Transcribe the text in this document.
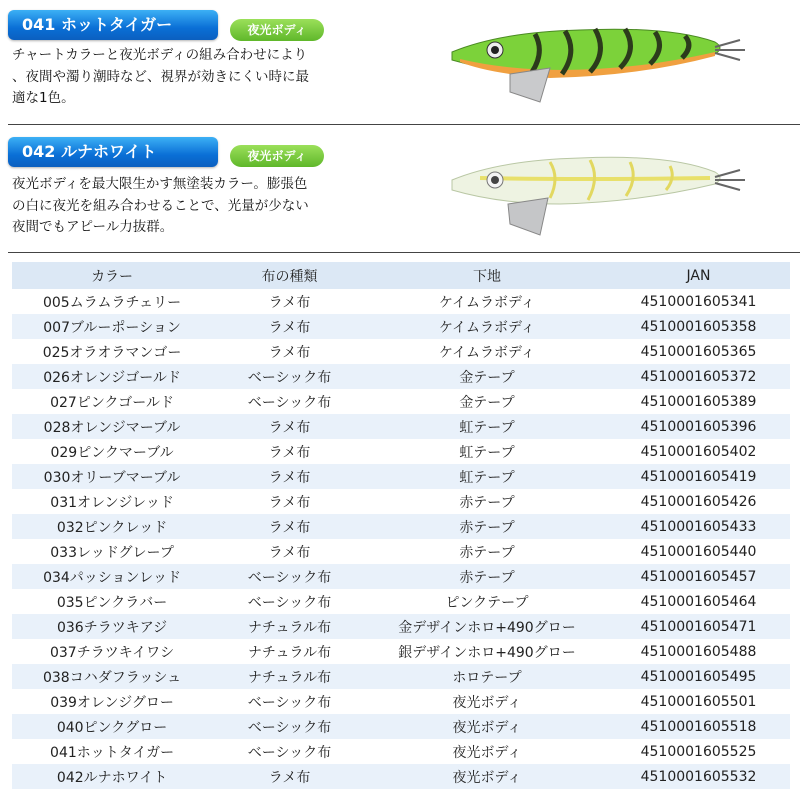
041 ホットタイガー	夜光ボディ
チャートカラーと夜光ボディの組み合わせにより
、夜間や濁り潮時など、視界が効きにくい時に最
適な1色。
042 ルナホワイト	夜光ボディ
夜光ボディを最大限生かす無塗装カラー。膨張色
の白に夜光を組み合わせることで、光量が少ない
夜間でもアピール力抜群。
カラー	布の種類	下地	JAN
005ムラムラチェリー	ラメ布	ケイムラボディ	4510001605341
007ブルーポーション	ラメ布	ケイムラボディ	4510001605358
025オラオラマンゴー	ラメ布	ケイムラボディ	4510001605365
026オレンジゴールド	ベーシック布	金テープ	4510001605372
027ピンクゴールド	ベーシック布	金テープ	4510001605389
028オレンジマーブル	ラメ布	虹テープ	4510001605396
029ピンクマーブル	ラメ布	虹テープ	4510001605402
030オリーブマーブル	ラメ布	虹テープ	4510001605419
031オレンジレッド	ラメ布	赤テープ	4510001605426
032ピンクレッド	ラメ布	赤テープ	4510001605433
033レッドグレープ	ラメ布	赤テープ	4510001605440
034パッションレッド	ベーシック布	赤テープ	4510001605457
035ピンクラバー	ベーシック布	ピンクテープ	4510001605464
036チラツキアジ	ナチュラル布	金デザインホロ+490グロー	4510001605471
037チラツキイワシ	ナチュラル布	銀デザインホロ+490グロー	4510001605488
038コハダフラッシュ	ナチュラル布	ホロテープ	4510001605495
039オレンジグロー	ベーシック布	夜光ボディ	4510001605501
040ピンクグロー	ベーシック布	夜光ボディ	4510001605518
041ホットタイガー	ベーシック布	夜光ボディ	4510001605525
042ルナホワイト	ラメ布	夜光ボディ	4510001605532
